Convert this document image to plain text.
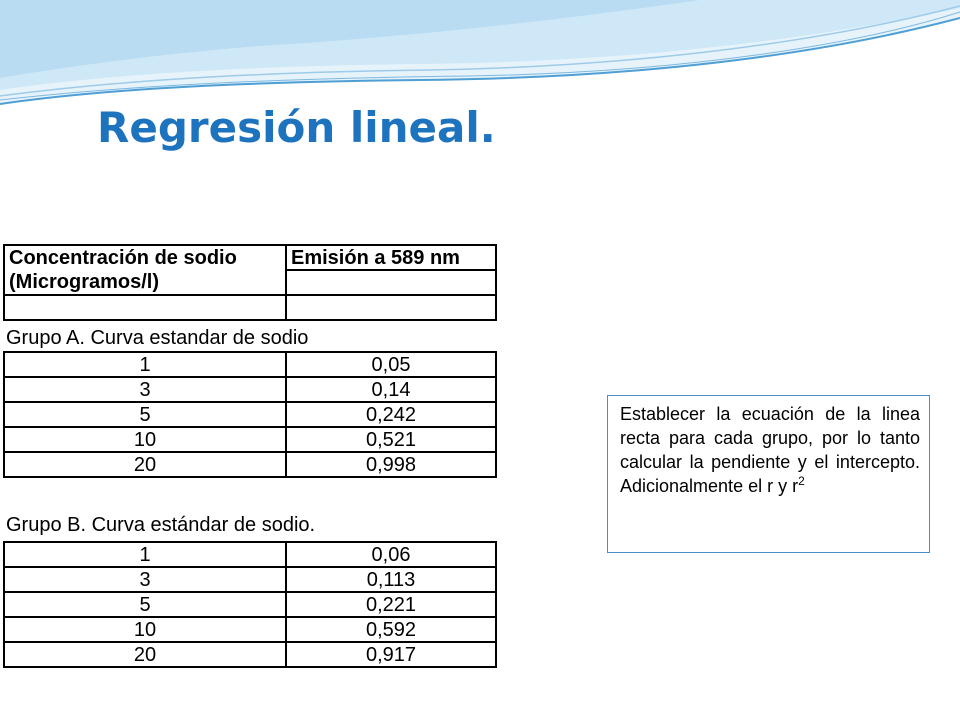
Regresión lineal.
Concentración de sodio	Emisión a 589 nm
(Microgramos/l)	

Grupo A. Curva estandar de sodio
1	0,05
3	0,14
5	0,242
10	0,521
20	0,998
Grupo B. Curva estándar de sodio.
1	0,06
3	0,113
5	0,221
10	0,592
20	0,917
Establecer la ecuación de la linea recta para cada grupo, por lo tanto calcular la pendiente y el intercepto. Adicionalmente el r y $r^2$
